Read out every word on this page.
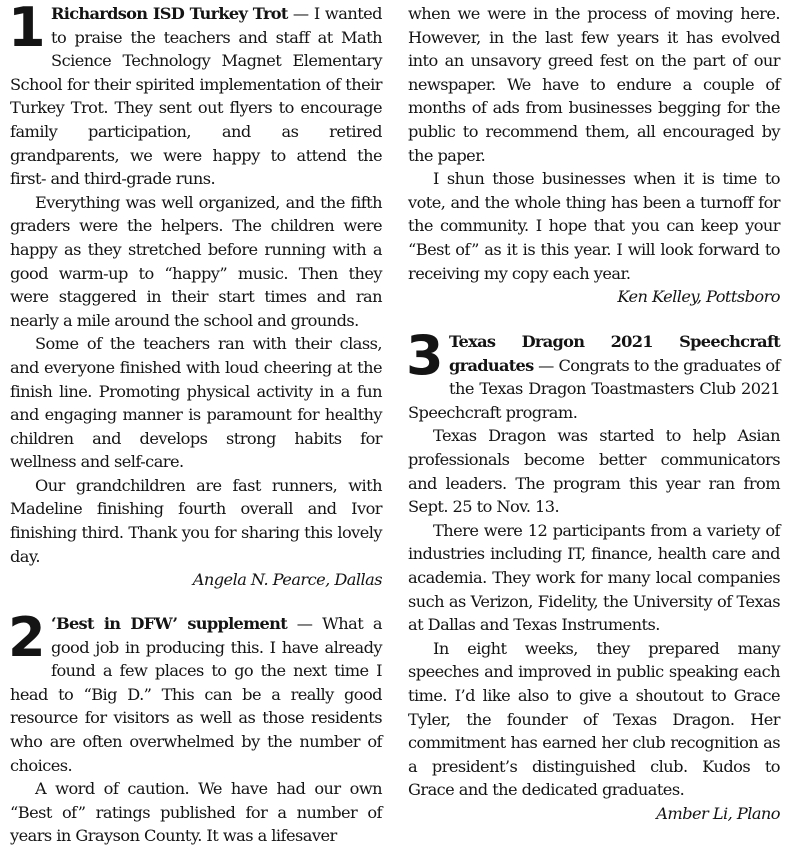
1 Richardson ISD Turkey Trot — I wanted to praise the teachers and staff at Math Science Technology Magnet Elementary School for their spirited implementation of their Turkey Trot. They sent out flyers to encourage family participation, and as retired grandparents, we were happy to attend the first- and third-grade runs.

Everything was well organized, and the fifth graders were the helpers. The children were happy as they stretched before running with a good warm-up to “happy” music. Then they were staggered in their start times and ran nearly a mile around the school and grounds.

Some of the teachers ran with their class, and everyone finished with loud cheering at the finish line. Promoting physical activity in a fun and engaging manner is paramount for healthy children and develops strong habits for wellness and self-care.

Our grandchildren are fast runners, with Madeline finishing fourth overall and Ivor finishing third. Thank you for sharing this lovely day.

Angela N. Pearce, Dallas

2 ‘Best in DFW’ supplement — What a good job in producing this. I have already found a few places to go the next time I head to “Big D.” This can be a really good resource for visitors as well as those residents who are often overwhelmed by the number of choices.

A word of caution. We have had our own “Best of” ratings published for a number of years in Grayson County. It was a lifesaver

when we were in the process of moving here. However, in the last few years it has evolved into an unsavory greed fest on the part of our newspaper. We have to endure a couple of months of ads from businesses begging for the public to recommend them, all encouraged by the paper.

I shun those businesses when it is time to vote, and the whole thing has been a turnoff for the community. I hope that you can keep your “Best of” as it is this year. I will look forward to receiving my copy each year.

Ken Kelley, Pottsboro

3 Texas Dragon 2021 Speechcraft graduates — Congrats to the graduates of the Texas Dragon Toastmasters Club 2021 Speechcraft program.

Texas Dragon was started to help Asian professionals become better communicators and leaders. The program this year ran from Sept. 25 to Nov. 13.

There were 12 participants from a variety of industries including IT, finance, health care and academia. They work for many local companies such as Verizon, Fidelity, the University of Texas at Dallas and Texas Instruments.

In eight weeks, they prepared many speeches and improved in public speaking each time. I’d like also to give a shoutout to Grace Tyler, the founder of Texas Dragon. Her commitment has earned her club recognition as a president’s distinguished club. Kudos to Grace and the dedicated graduates.

Amber Li, Plano
